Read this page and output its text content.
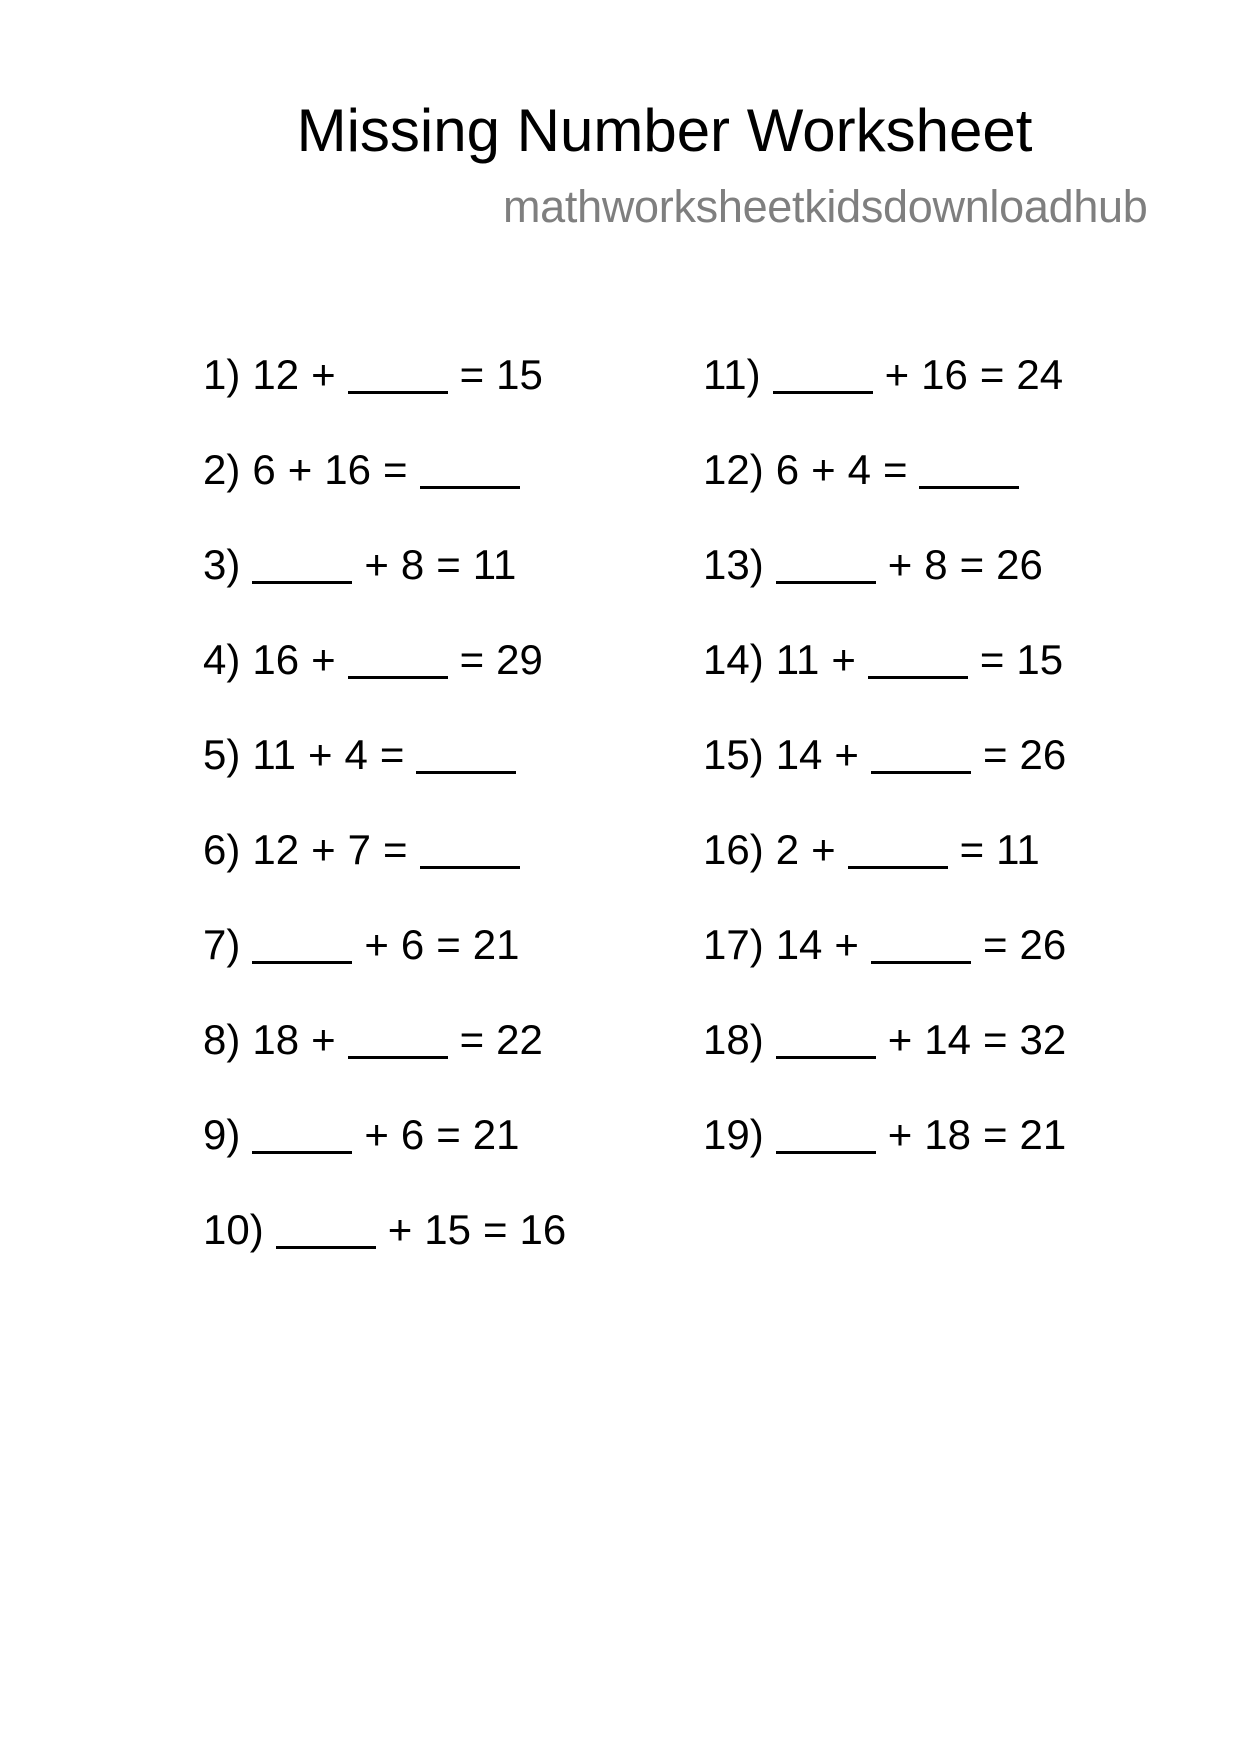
Missing Number Worksheet
mathworksheetkidsdownloadhub
1) 12 +	= 15
2) 6 + 16 =
3)	+ 8 = 11
4) 16 +	= 29
5) 11 + 4 =
6) 12 + 7 =
7)	+ 6 = 21
8) 18 +	= 22
9)	+ 6 = 21
10)	+ 15 = 16
11)	+ 16 = 24
12) 6 + 4 =
13)	+ 8 = 26
14) 11 +	= 15
15) 14 +	= 26
16) 2 +	= 11
17) 14 +	= 26
18)	+ 14 = 32
19)	+ 18 = 21
